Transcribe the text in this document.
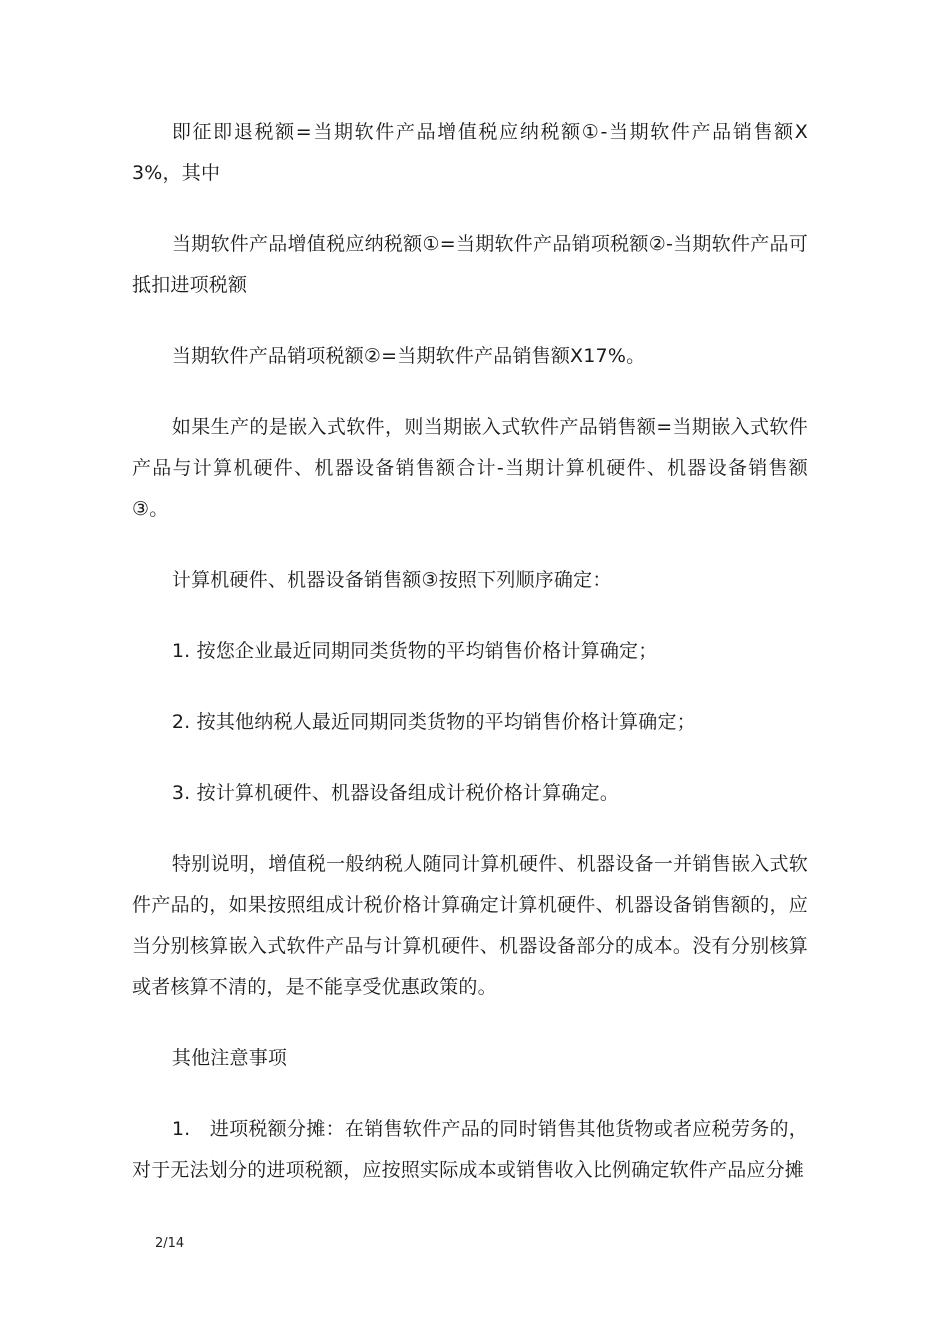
即征即退税额=当期软件产品增值税应纳税额①-当期软件产品销售额Ⅹ3%，其中

当期软件产品增值税应纳税额①=当期软件产品销项税额②-当期软件产品可抵扣进项税额

当期软件产品销项税额②=当期软件产品销售额Ⅹ17%。

如果生产的是嵌入式软件，则当期嵌入式软件产品销售额=当期嵌入式软件产品与计算机硬件、机器设备销售额合计-当期计算机硬件、机器设备销售额③。

计算机硬件、机器设备销售额③按照下列顺序确定：

1. 按您企业最近同期同类货物的平均销售价格计算确定；

2. 按其他纳税人最近同期同类货物的平均销售价格计算确定；

3. 按计算机硬件、机器设备组成计税价格计算确定。

特别说明，增值税一般纳税人随同计算机硬件、机器设备一并销售嵌入式软件产品的，如果按照组成计税价格计算确定计算机硬件、机器设备销售额的，应当分别核算嵌入式软件产品与计算机硬件、机器设备部分的成本。没有分别核算或者核算不清的，是不能享受优惠政策的。

其他注意事项

1.　进项税额分摊：在销售软件产品的同时销售其他货物或者应税劳务的，对于无法划分的进项税额，应按照实际成本或销售收入比例确定软件产品应分摊

2/14
